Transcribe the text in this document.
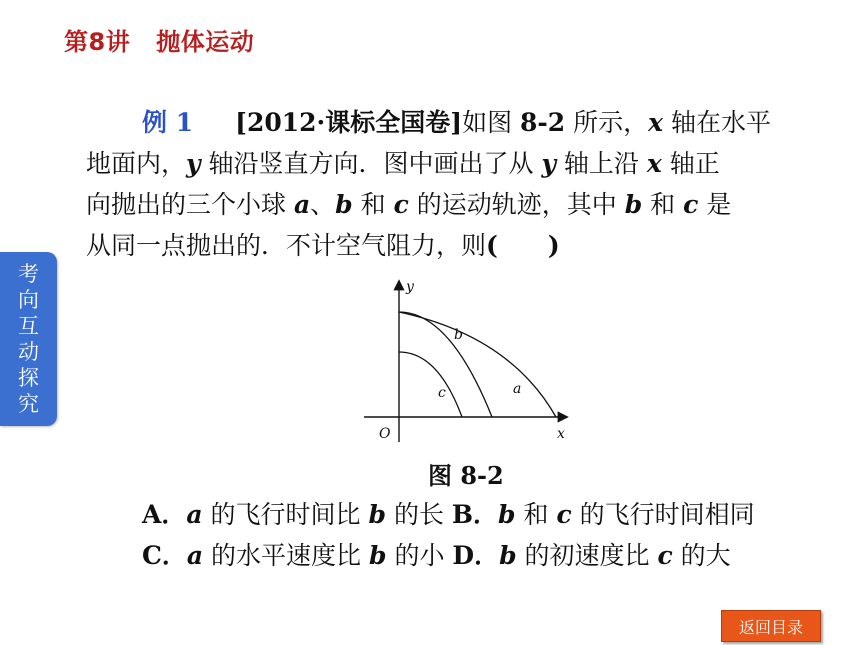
第8讲 抛体运动
考
向
互
动
探
究
例 1 [2012·课标全国卷]如图 8-2 所示，x 轴在水平
地面内，y 轴沿竖直方向．图中画出了从 y 轴上沿 x 轴正
向抛出的三个小球 a、b 和 c 的运动轨迹，其中 b 和 c 是
从同一点抛出的．不计空气阻力，则(　　)
y
x
O
b
a
c
图 8-2
A．a 的飞行时间比 b 的长 B．b 和 c 的飞行时间相同
C．a 的水平速度比 b 的小 D．b 的初速度比 c 的大
返回目录
